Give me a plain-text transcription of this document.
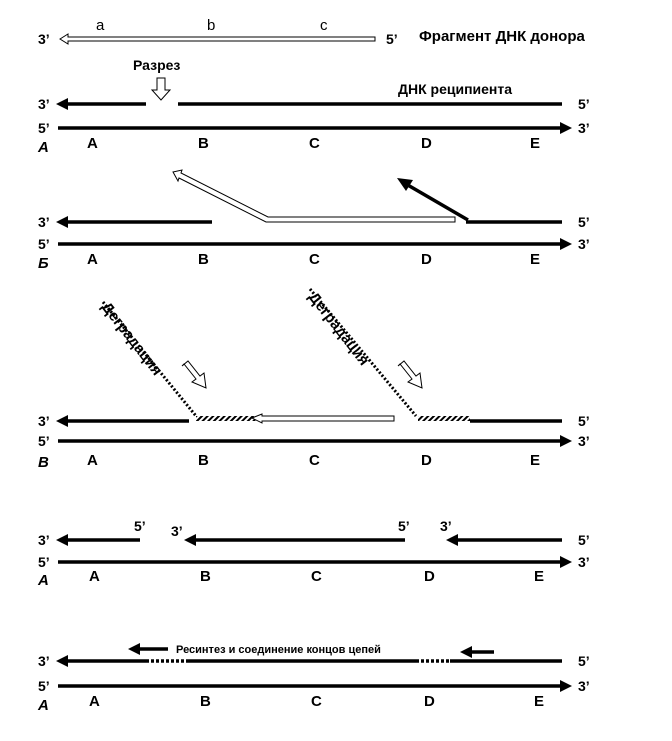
3’
a	b	c
5’ Фрагмент ДНК донора
Разрез
ДНК реципиента
3’	5’
5’	3’
А	A	B	C	D	E
3’	5’
5’	3’
Б	A	B	C	D	E
Деградация	Деградация
3’	5’
5’	3’
В	A	B	C	D	E
3’
5’ 3’	5’ 3’
5’
5’	3’
А	A	B	C	D	E
Ресинтез и соединение концов цепей
3’	5’
5’	3’
А	A	B	C	D	E
